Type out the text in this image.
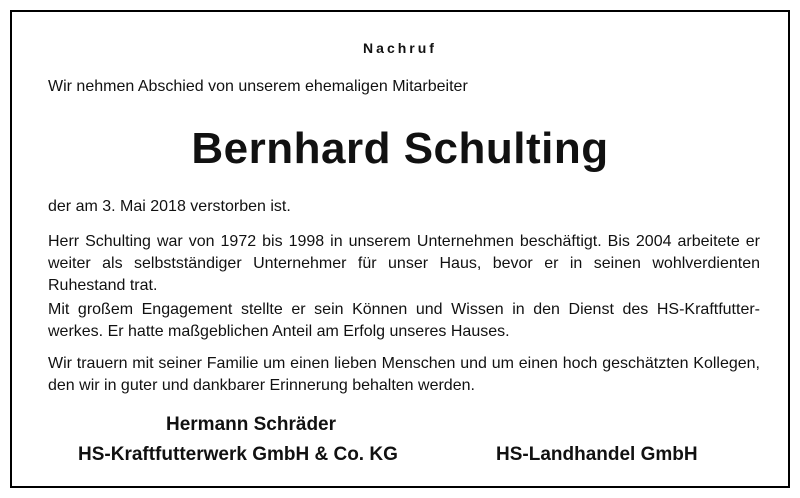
Nachruf
Wir nehmen Abschied von unserem ehemaligen Mitarbeiter
Bernhard Schulting
der am 3. Mai 2018 verstorben ist.
Herr Schulting war von 1972 bis 1998 in unserem Unternehmen beschäftigt. Bis 2004 arbeitete er weiter als selbstständiger Unternehmer für unser Haus, bevor er in seinen wohlverdienten Ruhestand trat.
Mit großem Engagement stellte er sein Können und Wissen in den Dienst des HS-Kraftfutter-werkes. Er hatte maßgeblichen Anteil am Erfolg unseres Hauses.
Wir trauern mit seiner Familie um einen lieben Menschen und um einen hoch geschätzten Kollegen, den wir in guter und dankbarer Erinnerung behalten werden.
Hermann Schräder
HS-Kraftfutterwerk GmbH & Co. KG	HS-Landhandel GmbH
